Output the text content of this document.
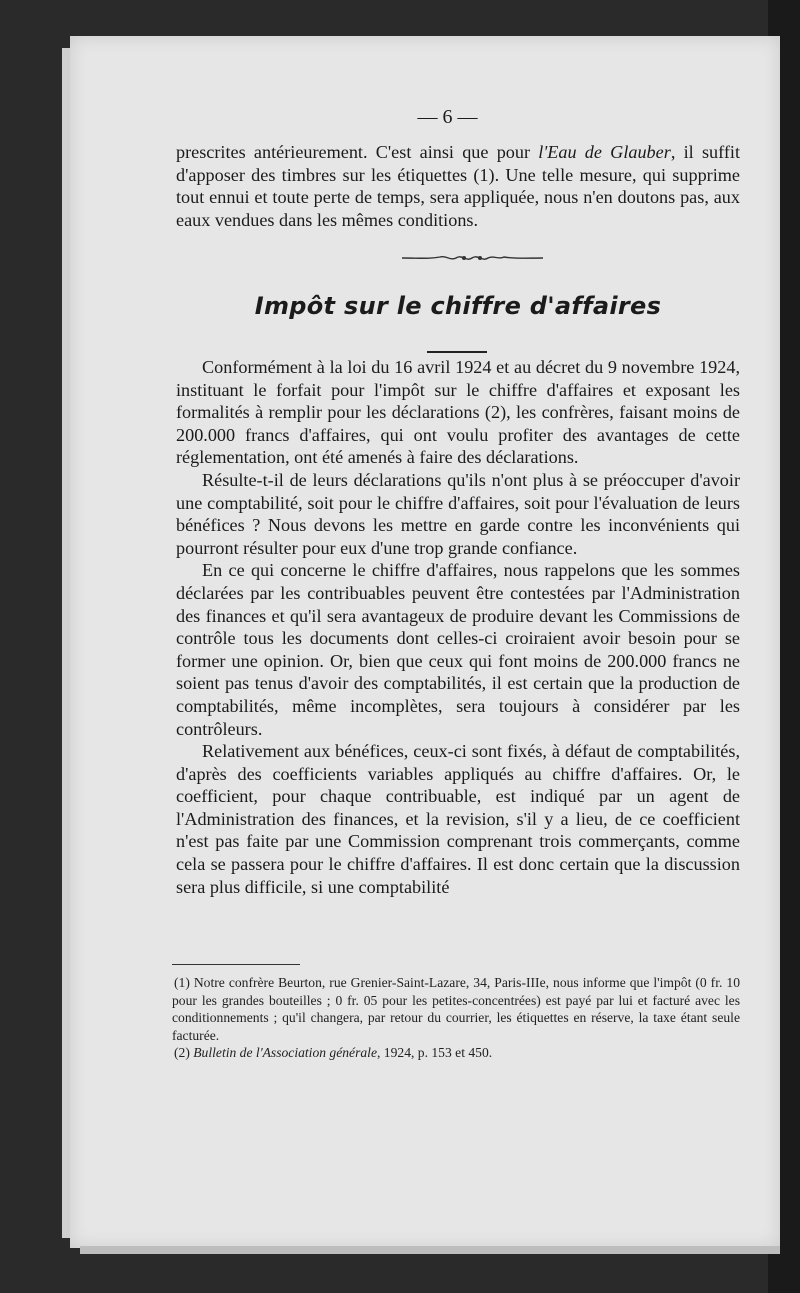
— 6 —

prescrites antérieurement. C'est ainsi que pour l'Eau de Glauber, il suffit d'apposer des timbres sur les étiquettes (1). Une telle mesure, qui supprime tout ennui et toute perte de temps, sera appliquée, nous n'en doutons pas, aux eaux vendues dans les mêmes conditions.

Impôt sur le chiffre d'affaires

Conformément à la loi du 16 avril 1924 et au décret du 9 novembre 1924, instituant le forfait pour l'impôt sur le chiffre d'affaires et exposant les formalités à remplir pour les déclarations (2), les confrères, faisant moins de 200.000 francs d'affaires, qui ont voulu profiter des avantages de cette réglementation, ont été amenés à faire des déclarations.

Résulte-t-il de leurs déclarations qu'ils n'ont plus à se préoccuper d'avoir une comptabilité, soit pour le chiffre d'affaires, soit pour l'évaluation de leurs bénéfices ? Nous devons les mettre en garde contre les inconvénients qui pourront résulter pour eux d'une trop grande confiance.

En ce qui concerne le chiffre d'affaires, nous rappelons que les sommes déclarées par les contribuables peuvent être contestées par l'Administration des finances et qu'il sera avantageux de produire devant les Commissions de contrôle tous les documents dont celles-ci croiraient avoir besoin pour se former une opinion. Or, bien que ceux qui font moins de 200.000 francs ne soient pas tenus d'avoir des comptabilités, il est certain que la production de comptabilités, même incomplètes, sera toujours à considérer par les contrôleurs.

Relativement aux bénéfices, ceux-ci sont fixés, à défaut de comptabilités, d'après des coefficients variables appliqués au chiffre d'affaires. Or, le coefficient, pour chaque contribuable, est indiqué par un agent de l'Administration des finances, et la revision, s'il y a lieu, de ce coefficient n'est pas faite par une Commission comprenant trois commerçants, comme cela se passera pour le chiffre d'affaires. Il est donc certain que la discussion sera plus difficile, si une comptabilité

(1) Notre confrère Beurton, rue Grenier-Saint-Lazare, 34, Paris-IIIe, nous informe que l'impôt (0 fr. 10 pour les grandes bouteilles ; 0 fr. 05 pour les petites-concentrées) est payé par lui et facturé avec les conditionnements ; qu'il changera, par retour du courrier, les étiquettes en réserve, la taxe étant seule facturée.

(2) Bulletin de l'Association générale, 1924, p. 153 et 450.
